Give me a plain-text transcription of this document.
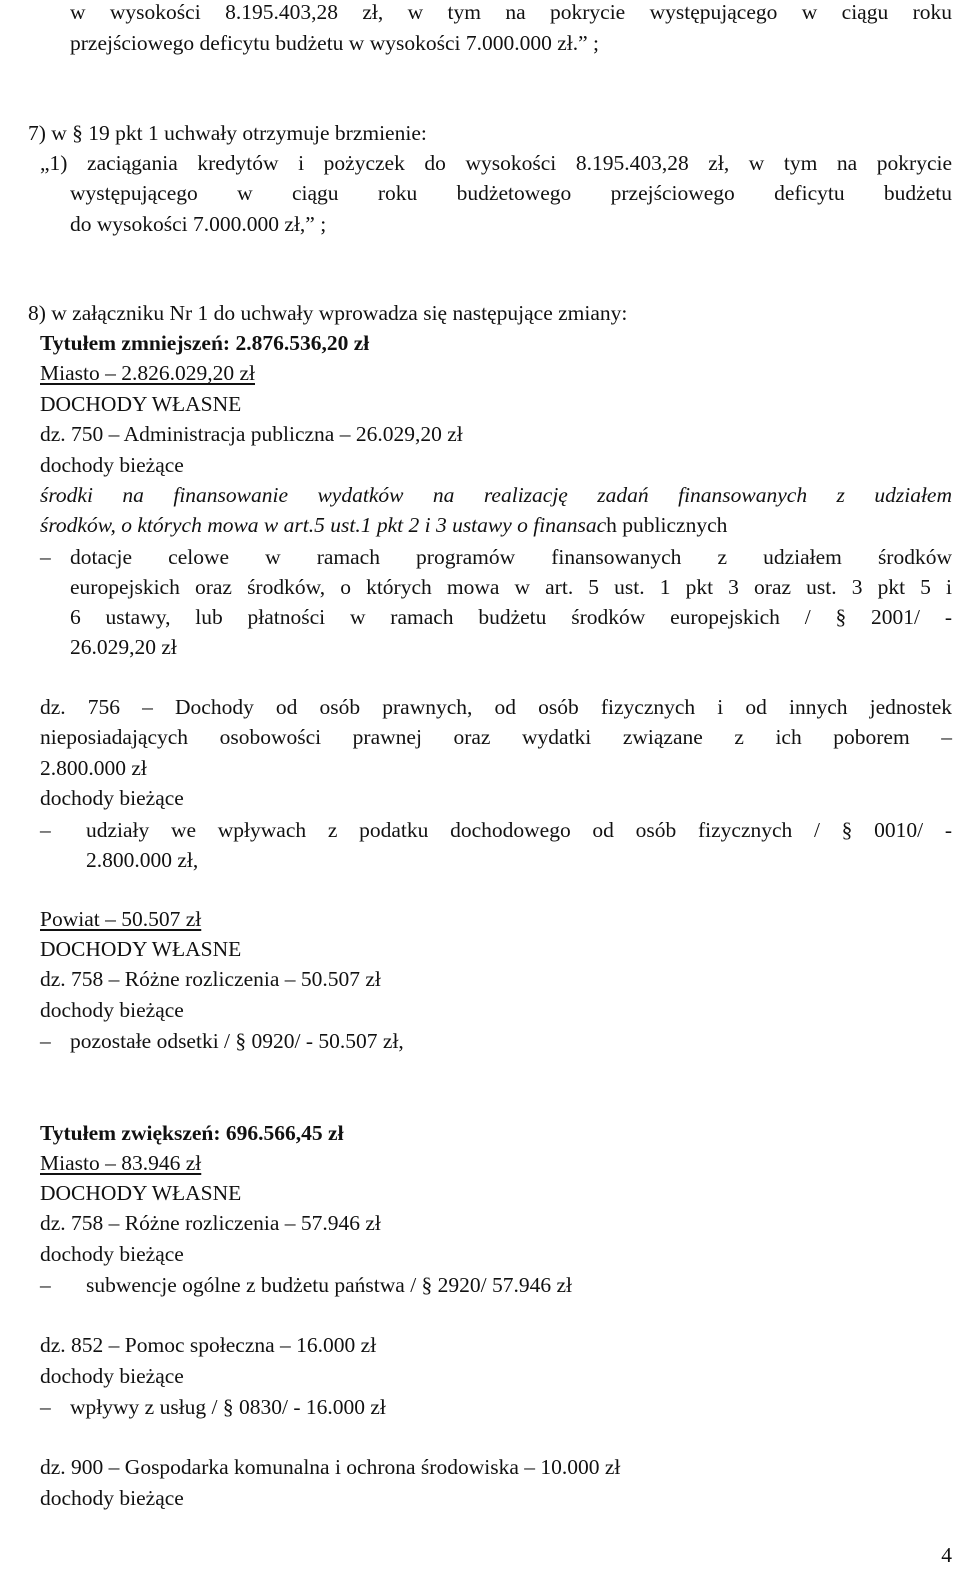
w wysokości 8.195.403,28 zł, w tym na pokrycie występującego w ciągu roku
przejściowego deficytu budżetu w wysokości 7.000.000 zł.” ;
7) w § 19 pkt 1 uchwały otrzymuje brzmienie:
„1) zaciągania kredytów i pożyczek do wysokości 8.195.403,28 zł, w tym na pokrycie
występującego w ciągu roku budżetowego przejściowego deficytu budżetu
do wysokości 7.000.000 zł,” ;
8) w załączniku Nr 1 do uchwały wprowadza się następujące zmiany:
Tytułem zmniejszeń: 2.876.536,20 zł
Miasto – 2.826.029,20 zł
DOCHODY WŁASNE
dz. 750 – Administracja publiczna – 26.029,20 zł
dochody bieżące
środki na finansowanie wydatków na realizację zadań finansowanych z udziałem
środków, o których mowa w art.5 ust.1 pkt 2 i 3 ustawy o finansach publicznych
– dotacje celowe w ramach programów finansowanych z udziałem środków
europejskich oraz środków, o których mowa w art. 5 ust. 1 pkt 3 oraz ust. 3 pkt 5 i
6 ustawy, lub płatności w ramach budżetu środków europejskich / § 2001/ -
26.029,20 zł
dz. 756 – Dochody od osób prawnych, od osób fizycznych i od innych jednostek
nieposiadających osobowości prawnej oraz wydatki związane z ich poborem –
2.800.000 zł
dochody bieżące
– udziały we wpływach z podatku dochodowego od osób fizycznych / § 0010/ -
2.800.000 zł,
Powiat – 50.507 zł
DOCHODY WŁASNE
dz. 758 – Różne rozliczenia – 50.507 zł
dochody bieżące
– pozostałe odsetki / § 0920/ - 50.507 zł,
Tytułem zwiększeń: 696.566,45 zł
Miasto – 83.946 zł
DOCHODY WŁASNE
dz. 758 – Różne rozliczenia – 57.946 zł
dochody bieżące
– subwencje ogólne z budżetu państwa / § 2920/ 57.946 zł
dz. 852 – Pomoc społeczna – 16.000 zł
dochody bieżące
– wpływy z usług / § 0830/ - 16.000 zł
dz. 900 – Gospodarka komunalna i ochrona środowiska – 10.000 zł
dochody bieżące
4
